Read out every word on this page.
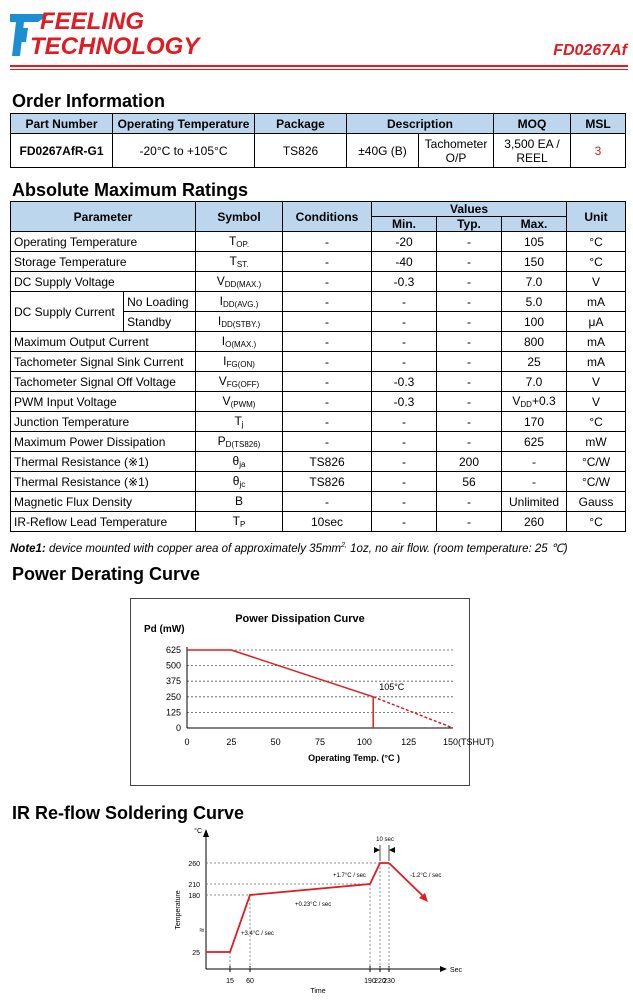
FEELING
TECHNOLOGY	FD0267Af
Order Information
Part Number	Operating Temperature	Package	Description		MOQ	MSL
FD0267AfR-G1	-20°C to +105°C	TS826	±40G (B)	Tachometer O/P	3,500 EA / REEL	3
Absolute Maximum Ratings
Parameter		Symbol	Conditions	Values			Unit
				Min.	Typ.	Max.	
Operating Temperature		$T_{OP.}$	-	-20	-	105	°C
Storage Temperature		$T_{ST.}$	-	-40	-	150	°C
DC Supply Voltage		$V_{DD(MAX.)}$	-	-0.3	-	7.0	V
DC Supply Current	No Loading	$I_{DD(AVG.)}$	-	-	-	5.0	mA
	Standby	$I_{DD(STBY.)}$	-	-	-	100	μA
Maximum Output Current		$I_{O(MAX.)}$	-	-	-	800	mA
Tachometer Signal Sink Current		$I_{FG(ON)}$	-	-	-	25	mA
Tachometer Signal Off Voltage		$V_{FG(OFF)}$	-	-0.3	-	7.0	V
PWM Input Voltage		$V_{(PWM)}$	-	-0.3	-	$V_{DD}+0.3$	V
Junction Temperature		$T_j$	-	-	-	170	°C
Maximum Power Dissipation		$P_{D(TS826)}$	-	-	-	625	mW
Thermal Resistance (※1)		$\theta_{ja}$	TS826	-	200	-	°C/W
Thermal Resistance (※1)		$\theta_{jc}$	TS826	-	56	-	°C/W
Magnetic Flux Density		B	-	-	-	Unlimited	Gauss
IR-Reflow Lead Temperature		$T_P$	10sec	-	-	260	°C
Note1: device mounted with copper area of approximately $35mm^{2,}$ 1oz, no air flow. (room temperature: 25 ℃)
Power Derating Curve
Power Dissipation Curve
Pd (mW)
0
125
250
375
500
625
0	25	50	75	100	125	150(TSHUT)
Operating Temp. (°C )
105°C
IR Re-flow Soldering Curve
°C
Sec
Time
Temperature
≈
25
180
210
260
15 60	190
220
230
+3.4°C / sec
+0.23°C / sec
+1.7°C / sec	-1.2°C / sec
10 sec
